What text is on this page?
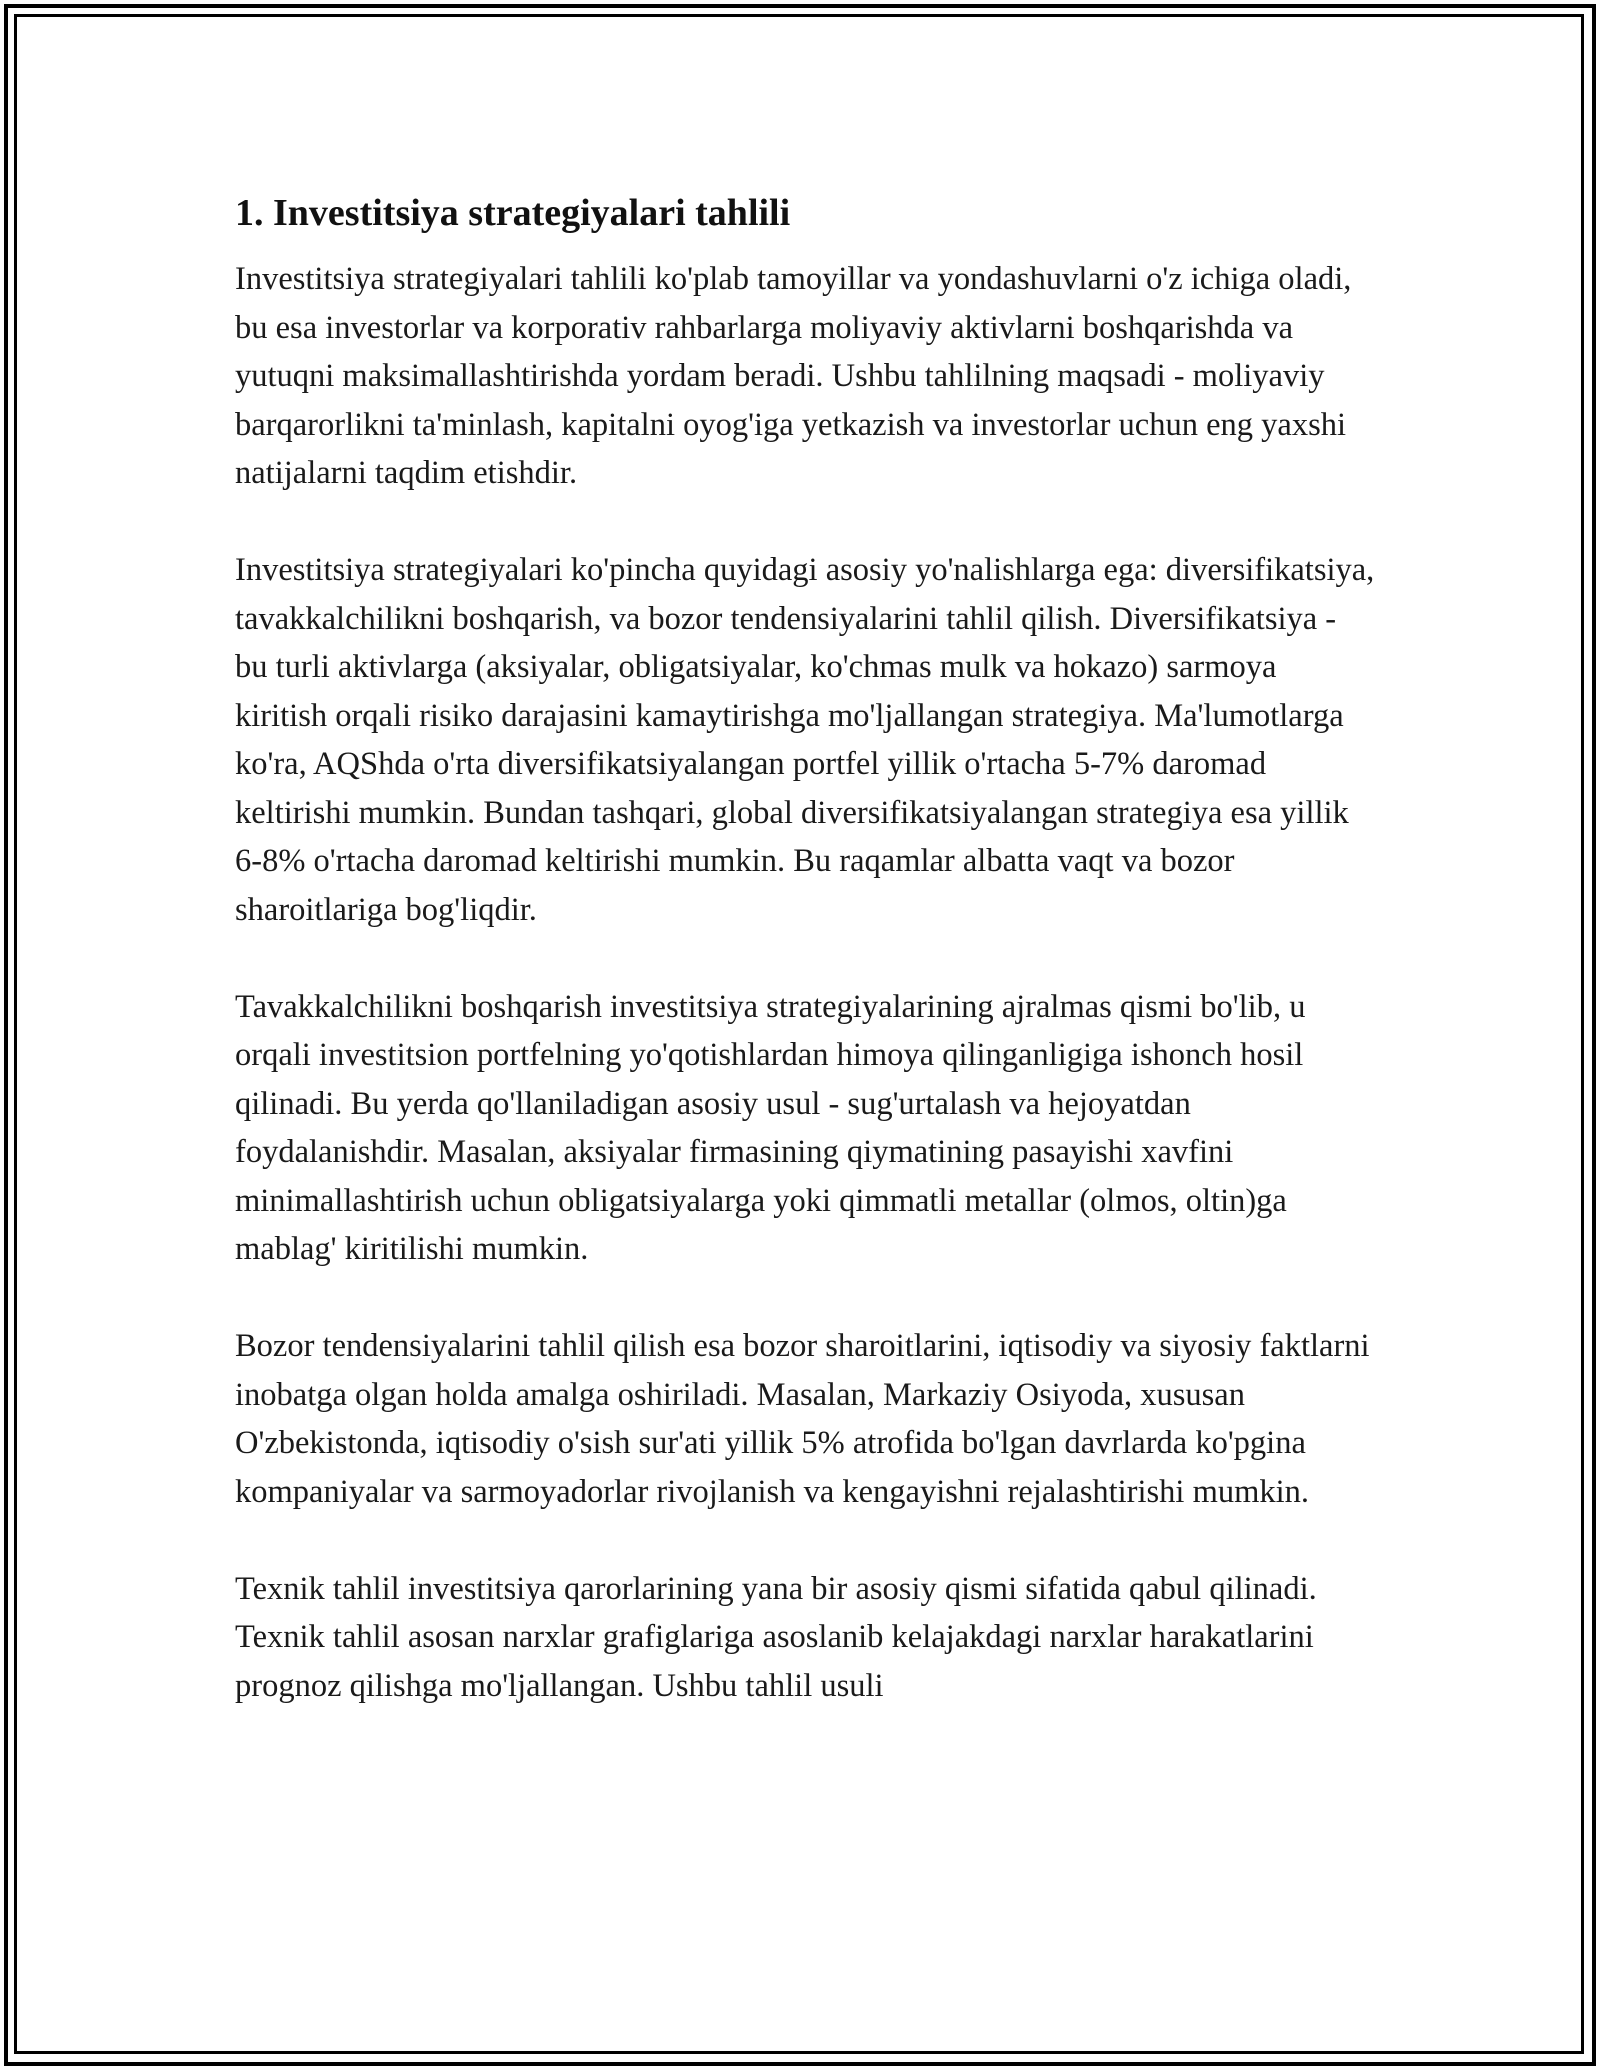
1. Investitsiya strategiyalari tahlili

Investitsiya strategiyalari tahlili ko'plab tamoyillar va yondashuvlarni o'z ichiga oladi, bu esa investorlar va korporativ rahbarlarga moliyaviy aktivlarni boshqarishda va yutuqni maksimallashtirishda yordam beradi. Ushbu tahlilning maqsadi - moliyaviy barqarorlikni ta'minlash, kapitalni oyog'iga yetkazish va investorlar uchun eng yaxshi natijalarni taqdim etishdir.

Investitsiya strategiyalari ko'pincha quyidagi asosiy yo'nalishlarga ega: diversifikatsiya, tavakkalchilikni boshqarish, va bozor tendensiyalarini tahlil qilish. Diversifikatsiya - bu turli aktivlarga (aksiyalar, obligatsiyalar, ko'chmas mulk va hokazo) sarmoya kiritish orqali risiko darajasini kamaytirishga mo'ljallangan strategiya. Ma'lumotlarga ko'ra, AQShda o'rta diversifikatsiyalangan portfel yillik o'rtacha 5-7% daromad keltirishi mumkin. Bundan tashqari, global diversifikatsiyalangan strategiya esa yillik 6-8% o'rtacha daromad keltirishi mumkin. Bu raqamlar albatta vaqt va bozor sharoitlariga bog'liqdir.

Tavakkalchilikni boshqarish investitsiya strategiyalarining ajralmas qismi bo'lib, u orqali investitsion portfelning yo'qotishlardan himoya qilinganligiga ishonch hosil qilinadi. Bu yerda qo'llaniladigan asosiy usul - sug'urtalash va hejoyatdan foydalanishdir. Masalan, aksiyalar firmasining qiymatining pasayishi xavfini minimallashtirish uchun obligatsiyalarga yoki qimmatli metallar (olmos, oltin)ga mablag' kiritilishi mumkin.

Bozor tendensiyalarini tahlil qilish esa bozor sharoitlarini, iqtisodiy va siyosiy faktlarni inobatga olgan holda amalga oshiriladi. Masalan, Markaziy Osiyoda, xususan O'zbekistonda, iqtisodiy o'sish sur'ati yillik 5% atrofida bo'lgan davrlarda ko'pgina kompaniyalar va sarmoyadorlar rivojlanish va kengayishni rejalashtirishi mumkin.

Texnik tahlil investitsiya qarorlarining yana bir asosiy qismi sifatida qabul qilinadi. Texnik tahlil asosan narxlar grafiglariga asoslanib kelajakdagi narxlar harakatlarini prognoz qilishga mo'ljallangan. Ushbu tahlil usuli
